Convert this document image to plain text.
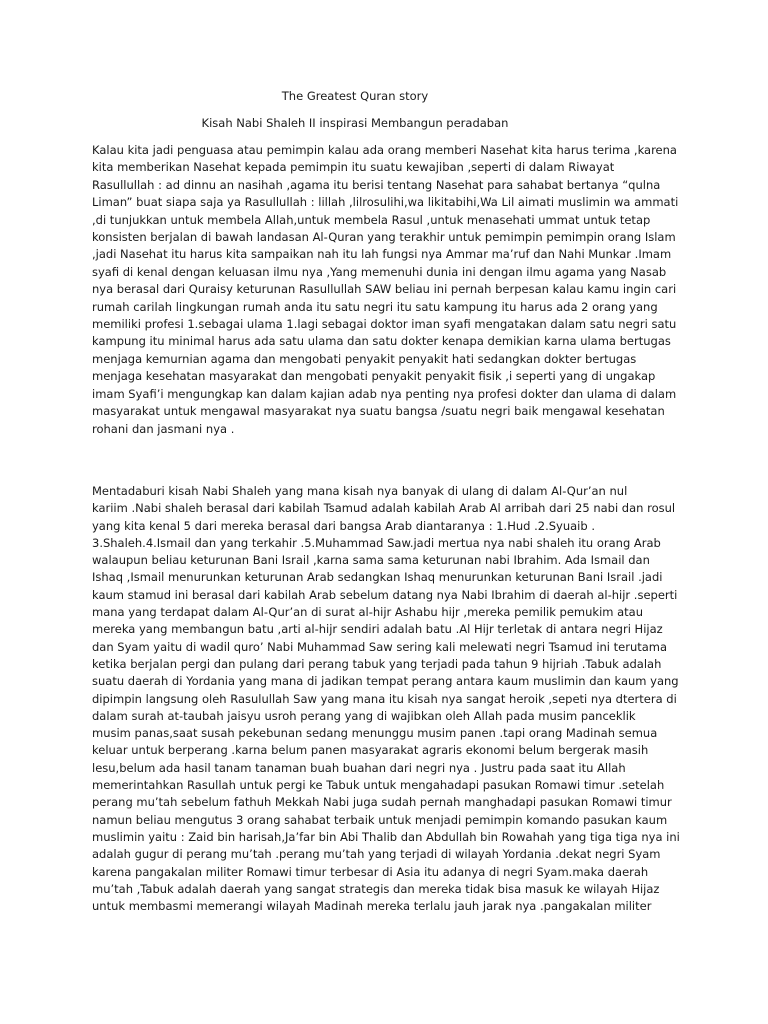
The Greatest Quran story
Kisah Nabi Shaleh II inspirasi Membangun peradaban
Kalau kita jadi penguasa atau pemimpin kalau ada orang memberi Nasehat kita harus terima ,karena
kita memberikan Nasehat kepada pemimpin itu suatu kewajiban ,seperti di dalam Riwayat
Rasullullah : ad dinnu an nasihah ,agama itu berisi tentang Nasehat para sahabat bertanya “qulna
Liman” buat siapa saja ya Rasullullah : lillah ,lilrosulihi,wa likitabihi,Wa Lil aimati muslimin wa ammati
,di tunjukkan untuk membela Allah,untuk membela Rasul ,untuk menasehati ummat untuk tetap
konsisten berjalan di bawah landasan Al-Quran yang terakhir untuk pemimpin pemimpin orang Islam
,jadi Nasehat itu harus kita sampaikan nah itu lah fungsi nya Ammar ma’ruf dan Nahi Munkar .Imam
syafi di kenal dengan keluasan ilmu nya ,Yang memenuhi dunia ini dengan ilmu agama yang Nasab
nya berasal dari Quraisy keturunan Rasullullah SAW beliau ini pernah berpesan kalau kamu ingin cari
rumah carilah lingkungan rumah anda itu satu negri itu satu kampung itu harus ada 2 orang yang
memiliki profesi 1.sebagai ulama 1.lagi sebagai doktor iman syafi mengatakan dalam satu negri satu
kampung itu minimal harus ada satu ulama dan satu dokter kenapa demikian karna ulama bertugas
menjaga kemurnian agama dan mengobati penyakit penyakit hati sedangkan dokter bertugas
menjaga kesehatan masyarakat dan mengobati penyakit penyakit fisik ,i seperti yang di ungakap
imam Syafi’i mengungkap kan dalam kajian adab nya penting nya profesi dokter dan ulama di dalam
masyarakat untuk mengawal masyarakat nya suatu bangsa /suatu negri baik mengawal kesehatan
rohani dan jasmani nya .
Mentadaburi kisah Nabi Shaleh yang mana kisah nya banyak di ulang di dalam Al-Qur’an nul
kariim .Nabi shaleh berasal dari kabilah Tsamud adalah kabilah Arab Al arribah dari 25 nabi dan rosul
yang kita kenal 5 dari mereka berasal dari bangsa Arab diantaranya : 1.Hud .2.Syuaib .
3.Shaleh.4.Ismail dan yang terkahir .5.Muhammad Saw.jadi mertua nya nabi shaleh itu orang Arab
walaupun beliau keturunan Bani Israil ,karna sama sama keturunan nabi Ibrahim. Ada Ismail dan
Ishaq ,Ismail menurunkan keturunan Arab sedangkan Ishaq menurunkan keturunan Bani Israil .jadi
kaum stamud ini berasal dari kabilah Arab sebelum datang nya Nabi Ibrahim di daerah al-hijr .seperti
mana yang terdapat dalam Al-Qur’an di surat al-hijr Ashabu hijr ,mereka pemilik pemukim atau
mereka yang membangun batu ,arti al-hijr sendiri adalah batu .Al Hijr terletak di antara negri Hijaz
dan Syam yaitu di wadil quro’ Nabi Muhammad Saw sering kali melewati negri Tsamud ini terutama
ketika berjalan pergi dan pulang dari perang tabuk yang terjadi pada tahun 9 hijriah .Tabuk adalah
suatu daerah di Yordania yang mana di jadikan tempat perang antara kaum muslimin dan kaum yang
dipimpin langsung oleh Rasulullah Saw yang mana itu kisah nya sangat heroik ,sepeti nya dtertera di
dalam surah at-taubah jaisyu usroh perang yang di wajibkan oleh Allah pada musim panceklik
musim panas,saat susah pekebunan sedang menunggu musim panen .tapi orang Madinah semua
keluar untuk berperang .karna belum panen masyarakat agraris ekonomi belum bergerak masih
lesu,belum ada hasil tanam tanaman buah buahan dari negri nya . Justru pada saat itu Allah
memerintahkan Rasullah untuk pergi ke Tabuk untuk mengahadapi pasukan Romawi timur .setelah
perang mu’tah sebelum fathuh Mekkah Nabi juga sudah pernah manghadapi pasukan Romawi timur
namun beliau mengutus 3 orang sahabat terbaik untuk menjadi pemimpin komando pasukan kaum
muslimin yaitu : Zaid bin harisah,Ja’far bin Abi Thalib dan Abdullah bin Rowahah yang tiga tiga nya ini
adalah gugur di perang mu’tah .perang mu’tah yang terjadi di wilayah Yordania .dekat negri Syam
karena pangakalan militer Romawi timur terbesar di Asia itu adanya di negri Syam.maka daerah
mu’tah ,Tabuk adalah daerah yang sangat strategis dan mereka tidak bisa masuk ke wilayah Hijaz
untuk membasmi memerangi wilayah Madinah mereka terlalu jauh jarak nya .pangakalan militer
